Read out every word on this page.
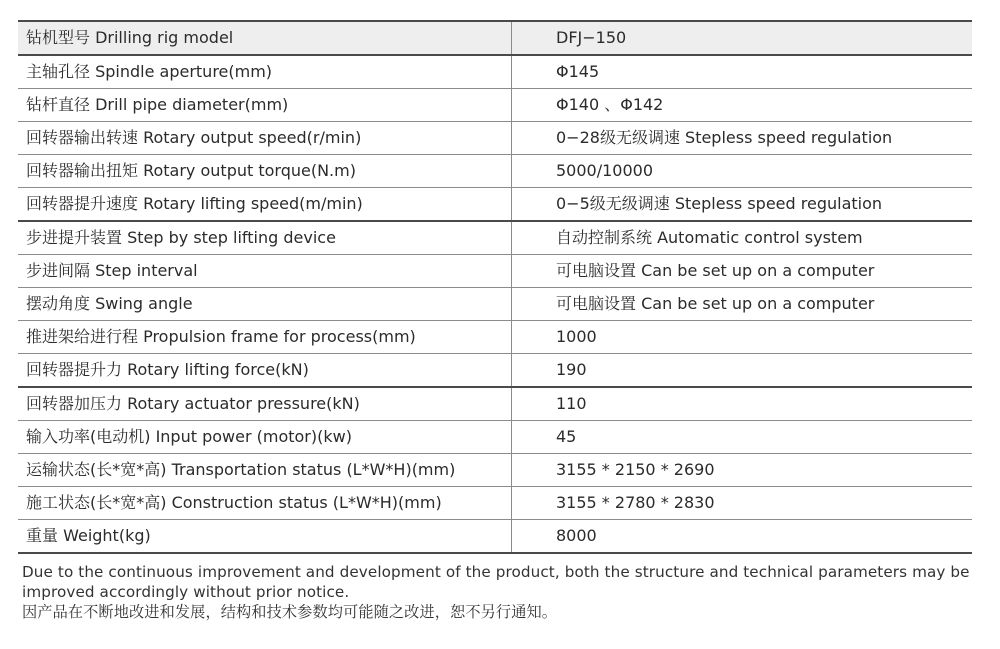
钻机型号 Drilling rig model	DFJ−150
主轴孔径 Spindle aperture(mm)	Φ145
钻杆直径 Drill pipe diameter(mm)	Φ140 、Φ142
回转器输出转速 Rotary output speed(r/min)	0−28级无级调速 Stepless speed regulation
回转器输出扭矩 Rotary output torque(N.m)	5000/10000
回转器提升速度 Rotary lifting speed(m/min)	0−5级无级调速 Stepless speed regulation
步进提升装置 Step by step lifting device	自动控制系统 Automatic control system
步进间隔 Step interval	可电脑设置 Can be set up on a computer
摆动角度 Swing angle	可电脑设置 Can be set up on a computer
推进架给进行程 Propulsion frame for process(mm)	1000
回转器提升力 Rotary lifting force(kN)	190
回转器加压力 Rotary actuator pressure(kN)	110
输入功率(电动机) Input power (motor)(kw)	45
运输状态(长*宽*高) Transportation status (L*W*H)(mm)	3155 * 2150 * 2690
施工状态(长*宽*高) Construction status (L*W*H)(mm)	3155 * 2780 * 2830
重量 Weight(kg)	8000

Due to the continuous improvement and development of the product, both the structure and technical parameters may be improved accordingly without prior notice.

因产品在不断地改进和发展，结构和技术参数均可能随之改进，恕不另行通知。
